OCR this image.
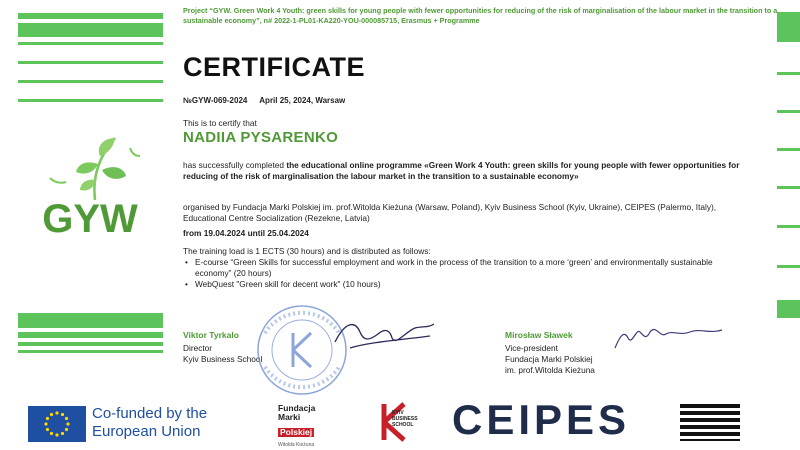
GYW
Project “GYW. Green Work 4 Youth: green skills for young people with fewer opportunities for reducing of the risk of marginalisation of the labour market in the transition to a sustainable economy”, n# 2022-1-PL01-KA220-YOU-000085715, Erasmus + Programme
CERTIFICATE
№GYW-069-2024 April 25, 2024, Warsaw
This is to certify that
NADIIA PYSARENKO
has successfully completed the educational online programme «Green Work 4 Youth: green skills for young people with fewer opportunities for reducing of the risk of marginalisation the labour market in the transition to a sustainable economy»
organised by Fundacja Marki Polskiej im. prof.Witolda Kieżuna (Warsaw, Poland), Kyiv Business School (Kyiv, Ukraine), CEIPES (Palermo, Italy), Educational Centre Socialization (Rezekne, Latvia)
from 19.04.2024 until 25.04.2024
The training load is 1 ECTS (30 hours) and is distributed as follows:
• E-course “Green Skills for successful employment and work in the process of the transition to a more ‘green’ and environmentally sustainable economy” (20 hours)
• WebQuest "Green skill for decent work" (10 hours)
Viktor Tyrkalo
Director
Kyiv Business School
Mirosław Sławek
Vice-president
Fundacja Marki Polskiej
im. prof.Witolda Kieżuna
Co-funded by the
European Union
Fundacja
Marki
Polskiej
Witolda Kieżuna
KYIV
BUSINESS
SCHOOL CEIPES
